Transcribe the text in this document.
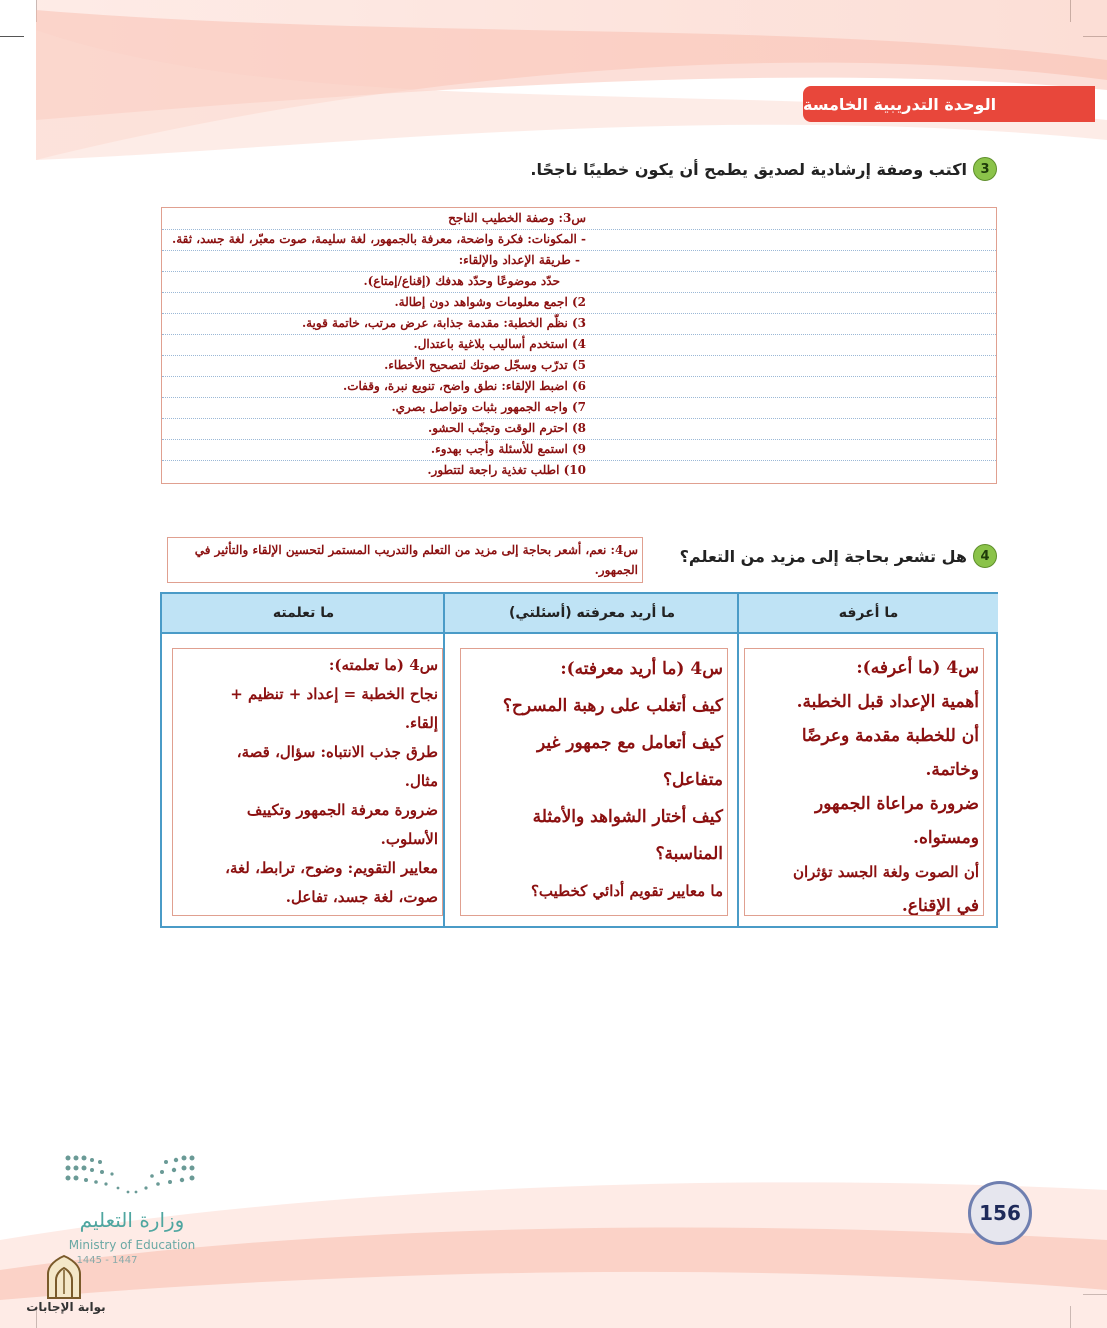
الوحدة التدريبية الخامسة
3
اكتب وصفة إرشادية لصديق يطمح أن يكون خطيبًا ناجحًا.
س3: وصفة الخطيب الناجح
- المكونات: فكرة واضحة، معرفة بالجمهور، لغة سليمة، صوت معبّر، لغة جسد، ثقة.
- طريقة الإعداد والإلقاء:
حدّد موضوعًا وحدّد هدفك (إقناع/إمتاع).
2) اجمع معلومات وشواهد دون إطالة.
3) نظّم الخطبة: مقدمة جذابة، عرض مرتب، خاتمة قوية.
4) استخدم أساليب بلاغية باعتدال.
5) تدرّب وسجّل صوتك لتصحيح الأخطاء.
6) اضبط الإلقاء: نطق واضح، تنويع نبرة، وقفات.
7) واجه الجمهور بثبات وتواصل بصري.
8) احترم الوقت وتجنّب الحشو.
9) استمع للأسئلة وأجب بهدوء.
10) اطلب تغذية راجعة لتتطور.
4
هل تشعر بحاجة إلى مزيد من التعلم؟
س4: نعم، أشعر بحاجة إلى مزيد من التعلم والتدريب المستمر لتحسين الإلقاء والتأثير في الجمهور.
ما أعرفه
ما أريد معرفته (أسئلتي)
ما تعلمته
س4 (ما أعرفه):
أهمية الإعداد قبل الخطبة.
أن للخطبة مقدمة وعرضًا
وخاتمة.
ضرورة مراعاة الجمهور
ومستواه.
أن الصوت ولغة الجسد تؤثران
في الإقناع.
س4 (ما أريد معرفته):
كيف أتغلب على رهبة المسرح؟
كيف أتعامل مع جمهور غير
متفاعل؟
كيف أختار الشواهد والأمثلة
المناسبة؟
ما معايير تقويم أدائي كخطيب؟
س4 (ما تعلمته):
نجاح الخطبة = إعداد + تنظيم +
إلقاء.
طرق جذب الانتباه: سؤال، قصة،
مثال.
ضرورة معرفة الجمهور وتكييف
الأسلوب.
معايير التقويم: وضوح، ترابط، لغة،
صوت، لغة جسد، تفاعل.
وزارة التعليم
Ministry of Education
1445 - 1447
بوابة الإجابات
156
